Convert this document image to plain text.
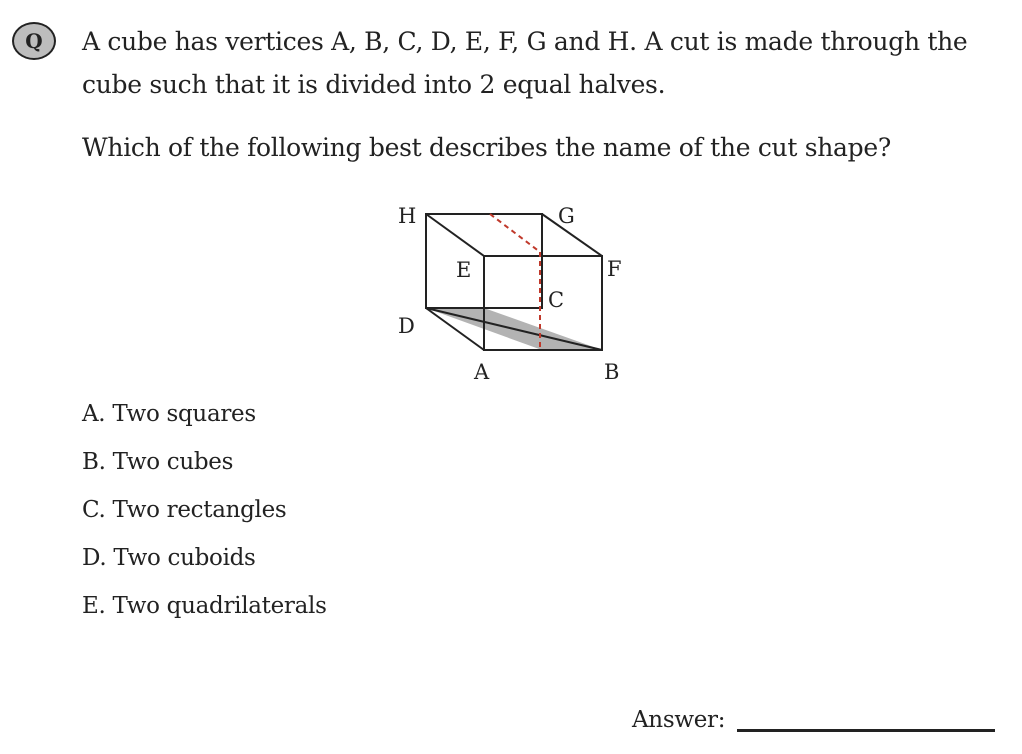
Q	A cube has vertices A, B, C, D, E, F, G and H. A cut is made through the
cube such that it is divided into 2 equal halves.
Which of the following best describes the name of the cut shape?
H	G
E	F
C
D
A	B
A. Two squares
B. Two cubes
C. Two rectangles
D. Two cuboids
E. Two quadrilaterals
Answer:
